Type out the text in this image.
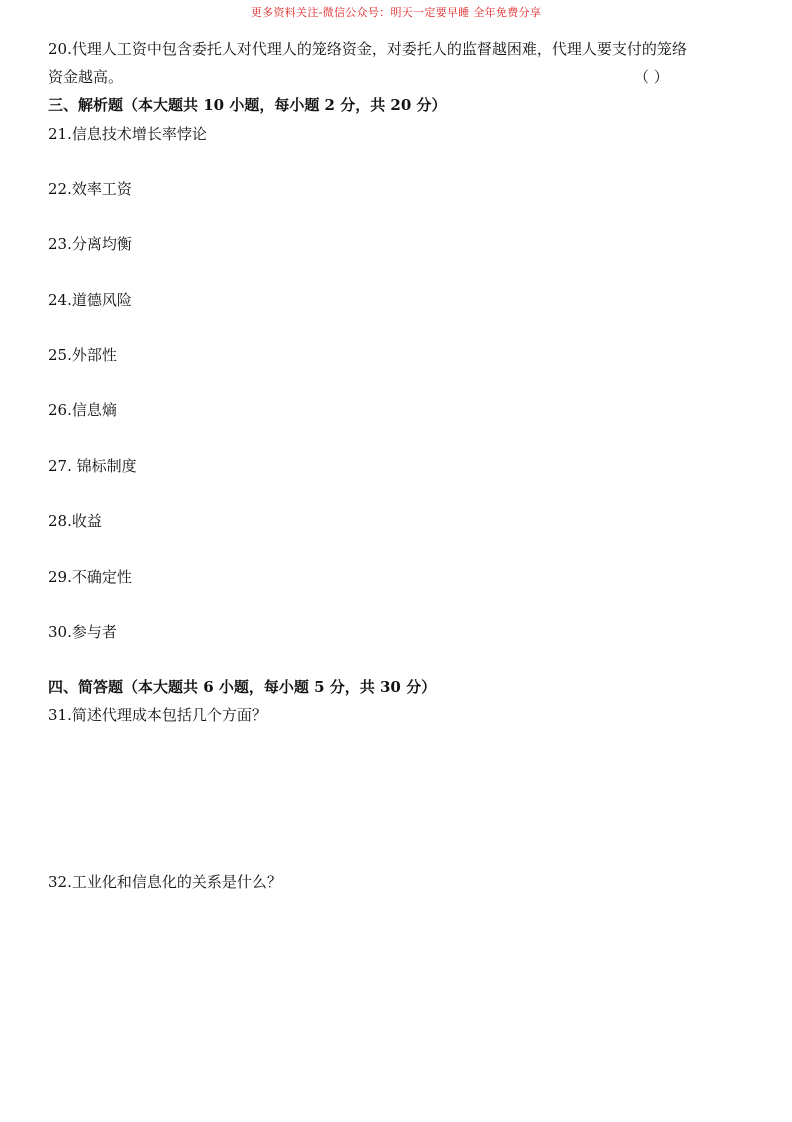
更多资料关注-微信公众号：明天一定要早睡 全年免费分享
20.代理人工资中包含委托人对代理人的笼络资金，对委托人的监督越困难，代理人要支付的笼络
资金越高。	（ ）
三、解析题（本大题共 10 小题，每小题 2 分，共 20 分）
21.信息技术增长率悖论
22.效率工资
23.分离均衡
24.道德风险
25.外部性
26.信息熵
27. 锦标制度
28.收益
29.不确定性
30.参与者
四、简答题（本大题共 6 小题，每小题 5 分，共 30 分）
31.简述代理成本包括几个方面？
32.工业化和信息化的关系是什么？
